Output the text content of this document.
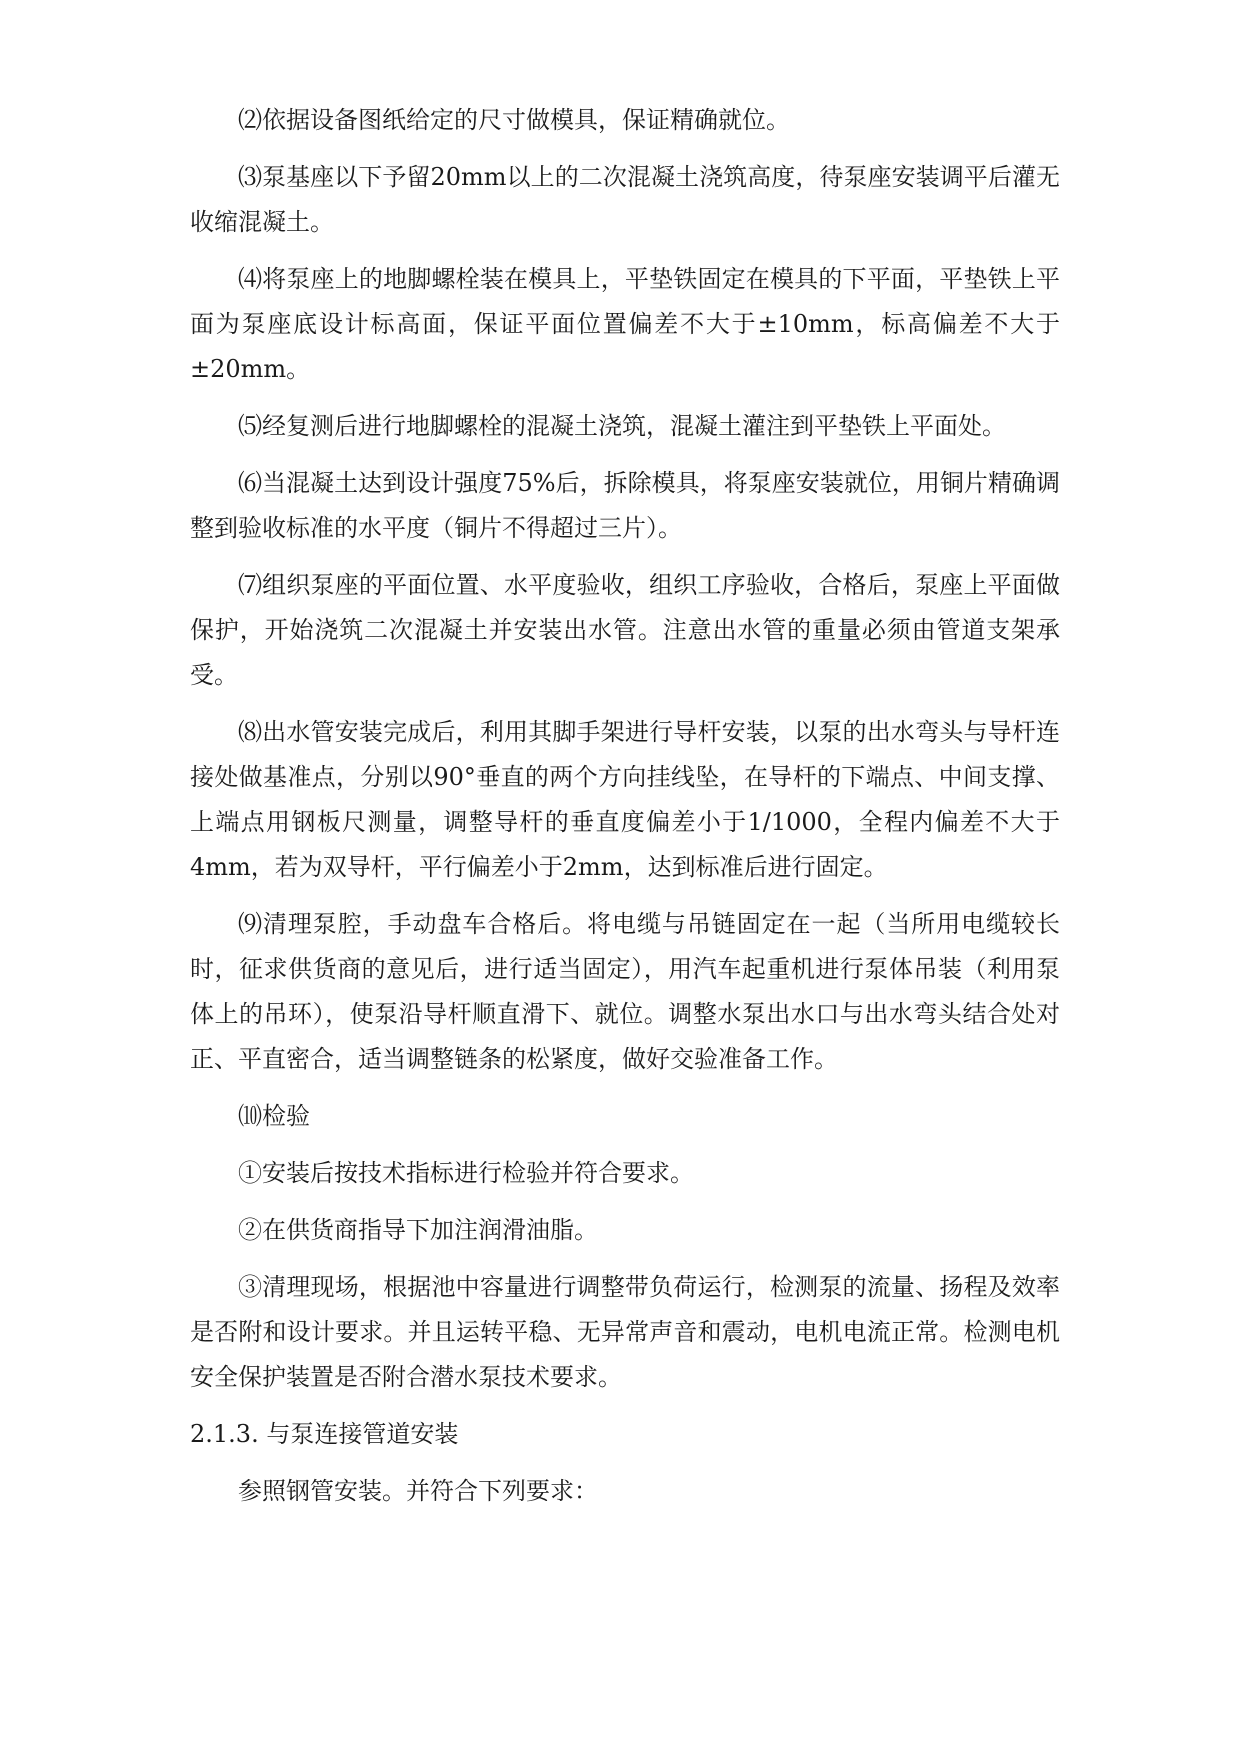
⑵依据设备图纸给定的尺寸做模具，保证精确就位。

⑶泵基座以下予留20mm以上的二次混凝土浇筑高度，待泵座安装调平后灌无收缩混凝土。

⑷将泵座上的地脚螺栓装在模具上，平垫铁固定在模具的下平面，平垫铁上平面为泵座底设计标高面，保证平面位置偏差不大于±10mm，标高偏差不大于±20mm。

⑸经复测后进行地脚螺栓的混凝土浇筑，混凝土灌注到平垫铁上平面处。

⑹当混凝土达到设计强度75%后，拆除模具，将泵座安装就位，用铜片精确调整到验收标准的水平度（铜片不得超过三片）。

⑺组织泵座的平面位置、水平度验收，组织工序验收，合格后，泵座上平面做保护，开始浇筑二次混凝土并安装出水管。注意出水管的重量必须由管道支架承受。

⑻出水管安装完成后，利用其脚手架进行导杆安装，以泵的出水弯头与导杆连接处做基准点，分别以90°垂直的两个方向挂线坠，在导杆的下端点、中间支撑、上端点用钢板尺测量，调整导杆的垂直度偏差小于1/1000，全程内偏差不大于4mm，若为双导杆，平行偏差小于2mm，达到标准后进行固定。

⑼清理泵腔，手动盘车合格后。将电缆与吊链固定在一起（当所用电缆较长时，征求供货商的意见后，进行适当固定），用汽车起重机进行泵体吊装（利用泵体上的吊环），使泵沿导杆顺直滑下、就位。调整水泵出水口与出水弯头结合处对正、平直密合，适当调整链条的松紧度，做好交验准备工作。

⑽检验

①安装后按技术指标进行检验并符合要求。

②在供货商指导下加注润滑油脂。

③清理现场，根据池中容量进行调整带负荷运行，检测泵的流量、扬程及效率是否附和设计要求。并且运转平稳、无异常声音和震动，电机电流正常。检测电机安全保护装置是否附合潜水泵技术要求。

2.1.3. 与泵连接管道安装

参照钢管安装。并符合下列要求：
